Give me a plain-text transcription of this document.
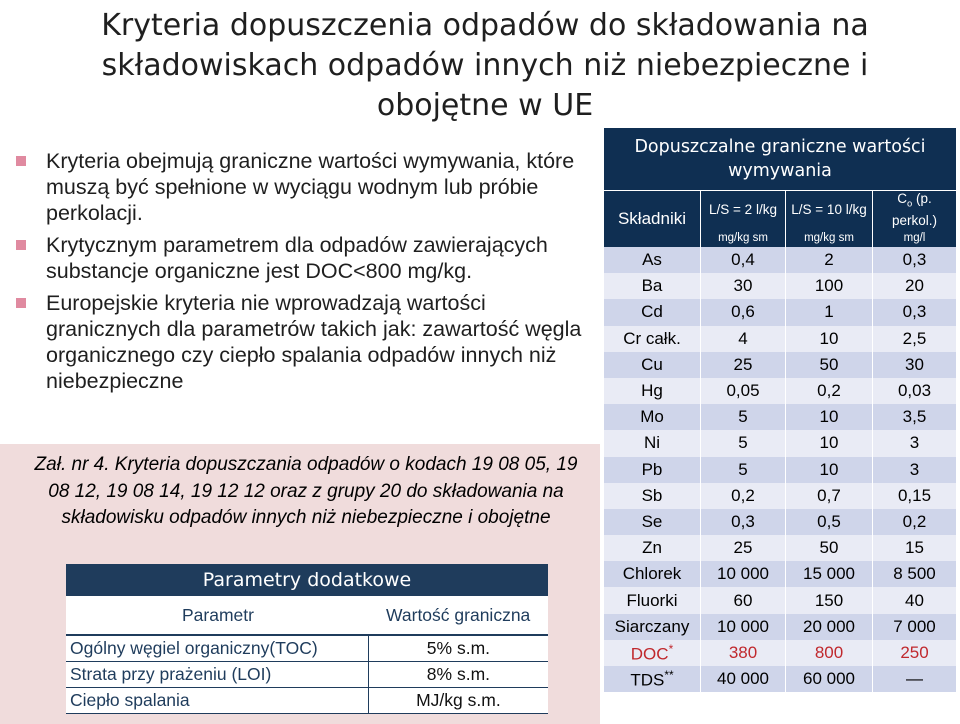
Kryteria dopuszczenia odpadów do składowania na składowiskach odpadów innych niż niebezpieczne i obojętne w UE
Kryteria obejmują graniczne wartości wymywania, które muszą być spełnione w wyciągu wodnym lub próbie perkolacji.
Krytycznym parametrem dla odpadów zawierających substancje organiczne jest DOC<800 mg/kg.
Europejskie kryteria nie wprowadzają wartości granicznych dla parametrów takich jak: zawartość węgla organicznego czy ciepło spalania odpadów innych niż niebezpieczne
Zał. nr 4. Kryteria dopuszczania odpadów o kodach 19 08 05, 19 08 12, 19 08 14, 19 12 12 oraz z grupy 20 do składowania na składowisku odpadów innych niż niebezpieczne i obojętne
Parametry dodatkowe	
Parametr	Wartość graniczna
Ogólny węgiel organiczny(TOC)	5% s.m.
Strata przy prażeniu (LOI)	8% s.m.
Ciepło spalania	MJ/kg s.m.
Dopuszczalne graniczne wartości wymywania			
Składniki	L/S = 2 l/kg	L/S = 10 l/kg	$C_o$ (p. perkol.)
	mg/kg sm	mg/kg sm	mg/l
As	0,4	2	0,3
Ba	30	100	20
Cd	0,6	1	0,3
Cr całk.	4	10	2,5
Cu	25	50	30
Hg	0,05	0,2	0,03
Mo	5	10	3,5
Ni	5	10	3
Pb	5	10	3
Sb	0,2	0,7	0,15
Se	0,3	0,5	0,2
Zn	25	50	15
Chlorek	10 000	15 000	8 500
Fluorki	60	150	40
Siarczany	10 000	20 000	7 000
DOC*	380	800	250
TDS**	40 000	60 000	—
